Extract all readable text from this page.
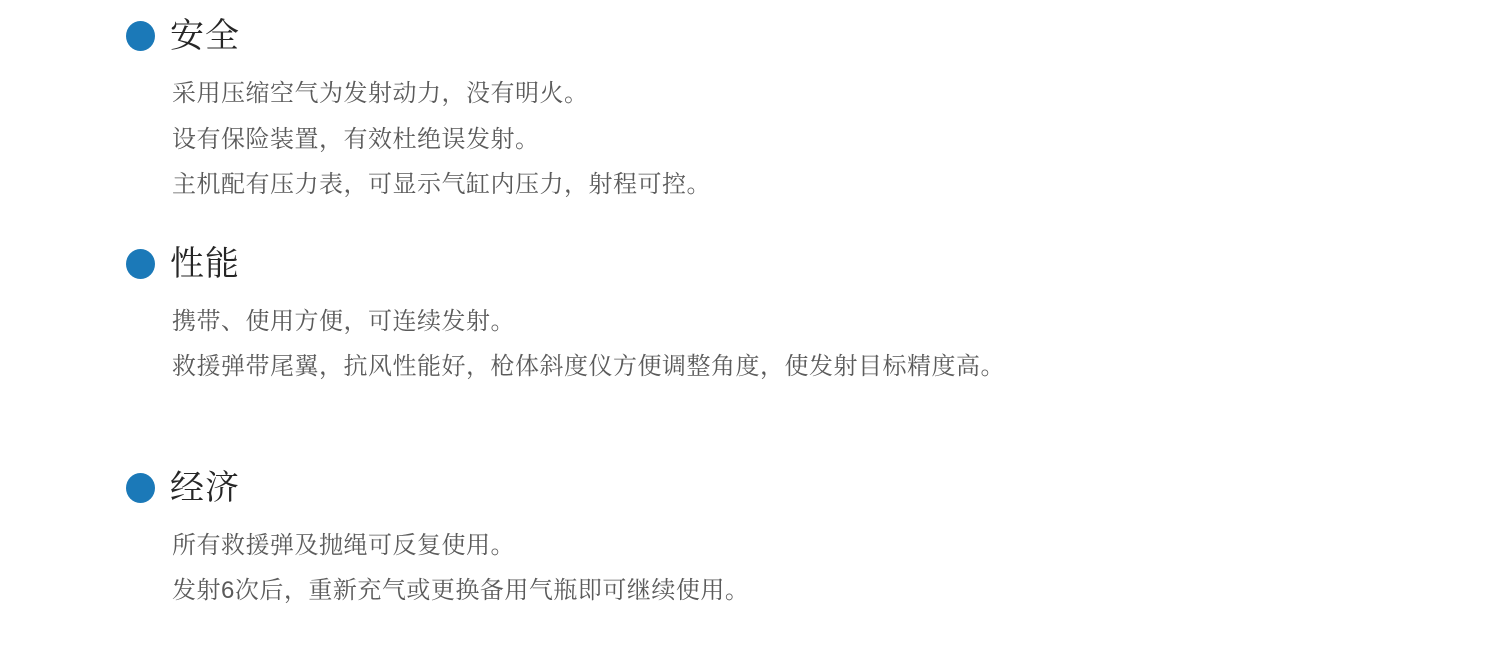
安全

采用压缩空气为发射动力，没有明火。

设有保险装置，有效杜绝误发射。

主机配有压力表，可显示气缸内压力，射程可控。

性能

携带、使用方便，可连续发射。

救援弹带尾翼，抗风性能好，枪体斜度仪方便调整角度，使发射目标精度高。

经济

所有救援弹及抛绳可反复使用。

发射6次后，重新充气或更换备用气瓶即可继续使用。
